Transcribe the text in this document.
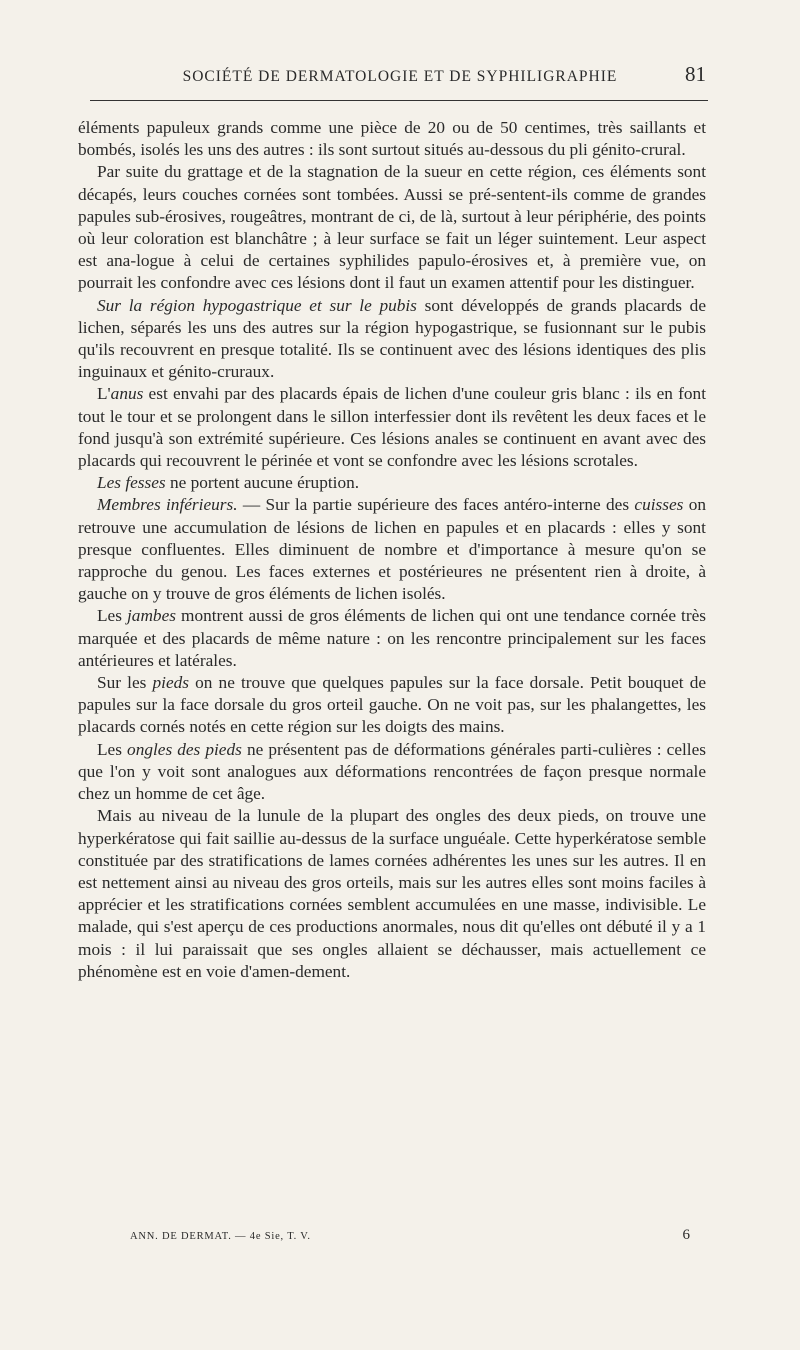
SOCIÉTÉ DE DERMATOLOGIE ET DE SYPHILIGRAPHIE	81

éléments papuleux grands comme une pièce de 20 ou de 50 centimes, très saillants et bombés, isolés les uns des autres : ils sont surtout situés au-dessous du pli génito-crural.

Par suite du grattage et de la stagnation de la sueur en cette région, ces éléments sont décapés, leurs couches cornées sont tombées. Aussi se pré-sentent-ils comme de grandes papules sub-érosives, rougeâtres, montrant de ci, de là, surtout à leur périphérie, des points où leur coloration est blanchâtre ; à leur surface se fait un léger suintement. Leur aspect est ana-logue à celui de certaines syphilides papulo-érosives et, à première vue, on pourrait les confondre avec ces lésions dont il faut un examen attentif pour les distinguer.

Sur la région hypogastrique et sur le pubis sont développés de grands placards de lichen, séparés les uns des autres sur la région hypogastrique, se fusionnant sur le pubis qu'ils recouvrent en presque totalité. Ils se continuent avec des lésions identiques des plis inguinaux et génito-cruraux.

L'anus est envahi par des placards épais de lichen d'une couleur gris blanc : ils en font tout le tour et se prolongent dans le sillon interfessier dont ils revêtent les deux faces et le fond jusqu'à son extrémité supérieure. Ces lésions anales se continuent en avant avec des placards qui recouvrent le périnée et vont se confondre avec les lésions scrotales.

Les fesses ne portent aucune éruption.

Membres inférieurs. — Sur la partie supérieure des faces antéro-interne des cuisses on retrouve une accumulation de lésions de lichen en papules et en placards : elles y sont presque confluentes. Elles diminuent de nombre et d'importance à mesure qu'on se rapproche du genou. Les faces externes et postérieures ne présentent rien à droite, à gauche on y trouve de gros éléments de lichen isolés.

Les jambes montrent aussi de gros éléments de lichen qui ont une tendance cornée très marquée et des placards de même nature : on les rencontre principalement sur les faces antérieures et latérales.

Sur les pieds on ne trouve que quelques papules sur la face dorsale. Petit bouquet de papules sur la face dorsale du gros orteil gauche. On ne voit pas, sur les phalangettes, les placards cornés notés en cette région sur les doigts des mains.

Les ongles des pieds ne présentent pas de déformations générales parti-culières : celles que l'on y voit sont analogues aux déformations rencontrées de façon presque normale chez un homme de cet âge.

Mais au niveau de la lunule de la plupart des ongles des deux pieds, on trouve une hyperkératose qui fait saillie au-dessus de la surface unguéale. Cette hyperkératose semble constituée par des stratifications de lames cornées adhérentes les unes sur les autres. Il en est nettement ainsi au niveau des gros orteils, mais sur les autres elles sont moins faciles à apprécier et les stratifications cornées semblent accumulées en une masse, indivisible. Le malade, qui s'est aperçu de ces productions anormales, nous dit qu'elles ont débuté il y a 1 mois : il lui paraissait que ses ongles allaient se déchausser, mais actuellement ce phénomène est en voie d'amen-dement.

ANN. DE DERMAT. — 4e Sie, T. V.	6
